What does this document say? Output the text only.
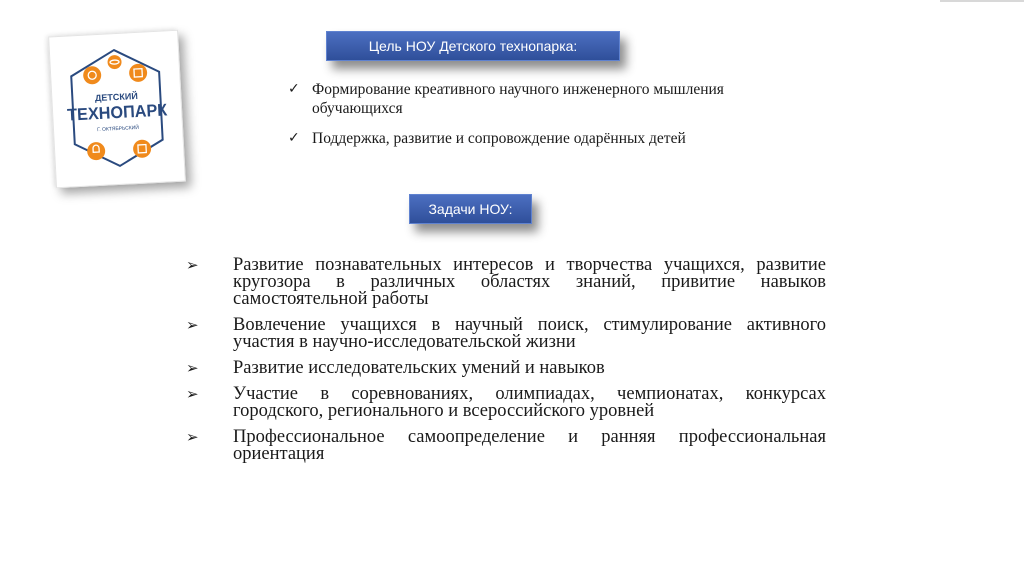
ДЕТСКИЙ
ТЕХНОПАРК
Г. ОКТЯБРЬСКИЙ
Цель НОУ Детского технопарка:
✓ Формирование креативного научного инженерного мышления обучающихся
✓ Поддержка, развитие и сопровождение одарённых детей
Задачи НОУ:
➢ Развитие познавательных интересов и творчества учащихся, развитие кругозора в различных областях знаний, привитие навыков самостоятельной работы
➢ Вовлечение учащихся в научный поиск, стимулирование активного участия в научно-исследовательской жизни
➢ Развитие исследовательских умений и навыков
➢ Участие в соревнованиях, олимпиадах, чемпионатах, конкурсах городского, регионального и всероссийского уровней
➢ Профессиональное самоопределение и ранняя профессиональная ориентация
